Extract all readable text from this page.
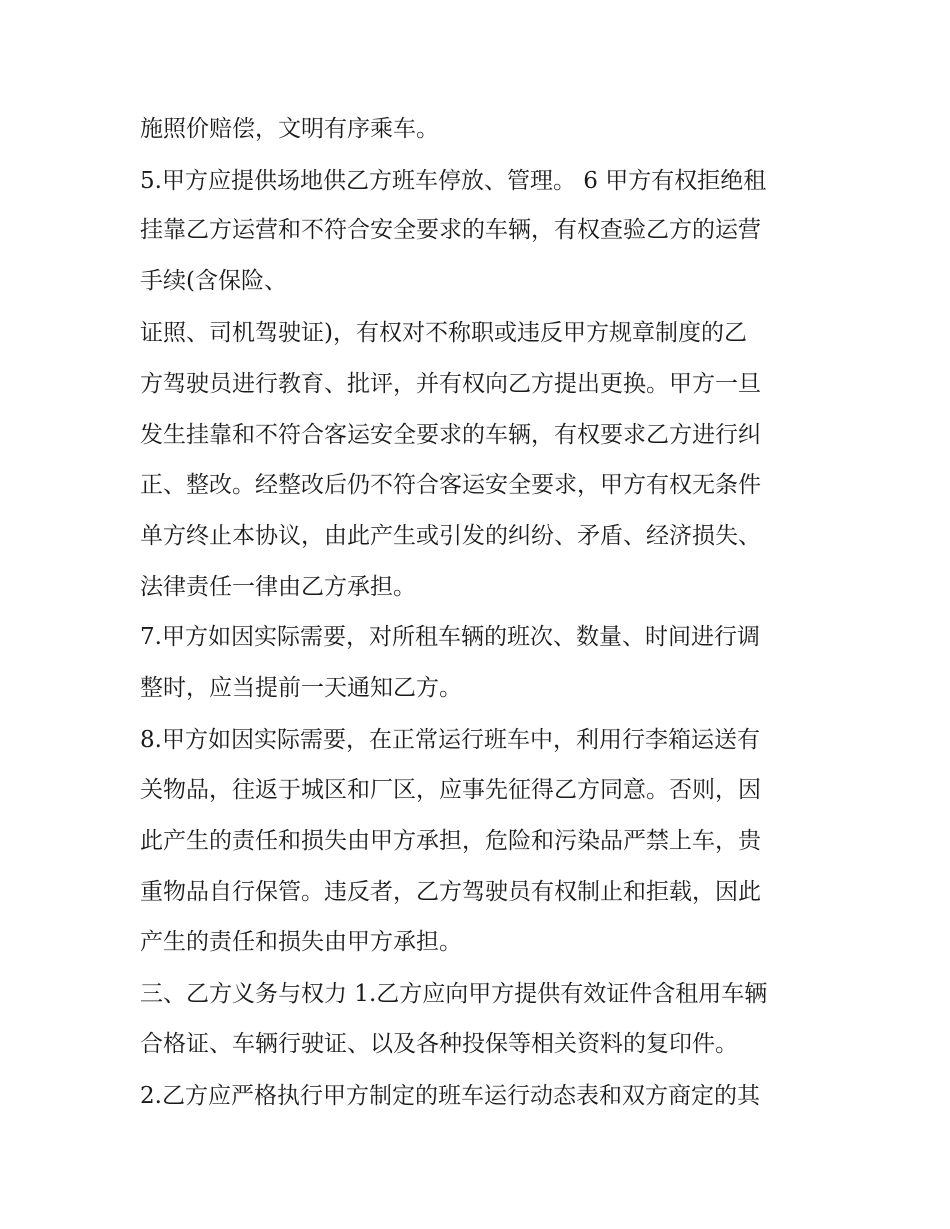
施照价赔偿，文明有序乘车。
5.甲方应提供场地供乙方班车停放、管理。 6 甲方有权拒绝租
挂靠乙方运营和不符合安全要求的车辆，有权查验乙方的运营
手续(含保险、
证照、司机驾驶证)，有权对不称职或违反甲方规章制度的乙
方驾驶员进行教育、批评，并有权向乙方提出更换。甲方一旦
发生挂靠和不符合客运安全要求的车辆，有权要求乙方进行纠
正、整改。经整改后仍不符合客运安全要求，甲方有权无条件
单方终止本协议，由此产生或引发的纠纷、矛盾、经济损失、
法律责任一律由乙方承担。
7.甲方如因实际需要，对所租车辆的班次、数量、时间进行调
整时，应当提前一天通知乙方。
8.甲方如因实际需要，在正常运行班车中，利用行李箱运送有
关物品，往返于城区和厂区，应事先征得乙方同意。否则，因
此产生的责任和损失由甲方承担，危险和污染品严禁上车，贵
重物品自行保管。违反者，乙方驾驶员有权制止和拒载，因此
产生的责任和损失由甲方承担。
三、乙方义务与权力 1.乙方应向甲方提供有效证件含租用车辆
合格证、车辆行驶证、以及各种投保等相关资料的复印件。
2.乙方应严格执行甲方制定的班车运行动态表和双方商定的其
